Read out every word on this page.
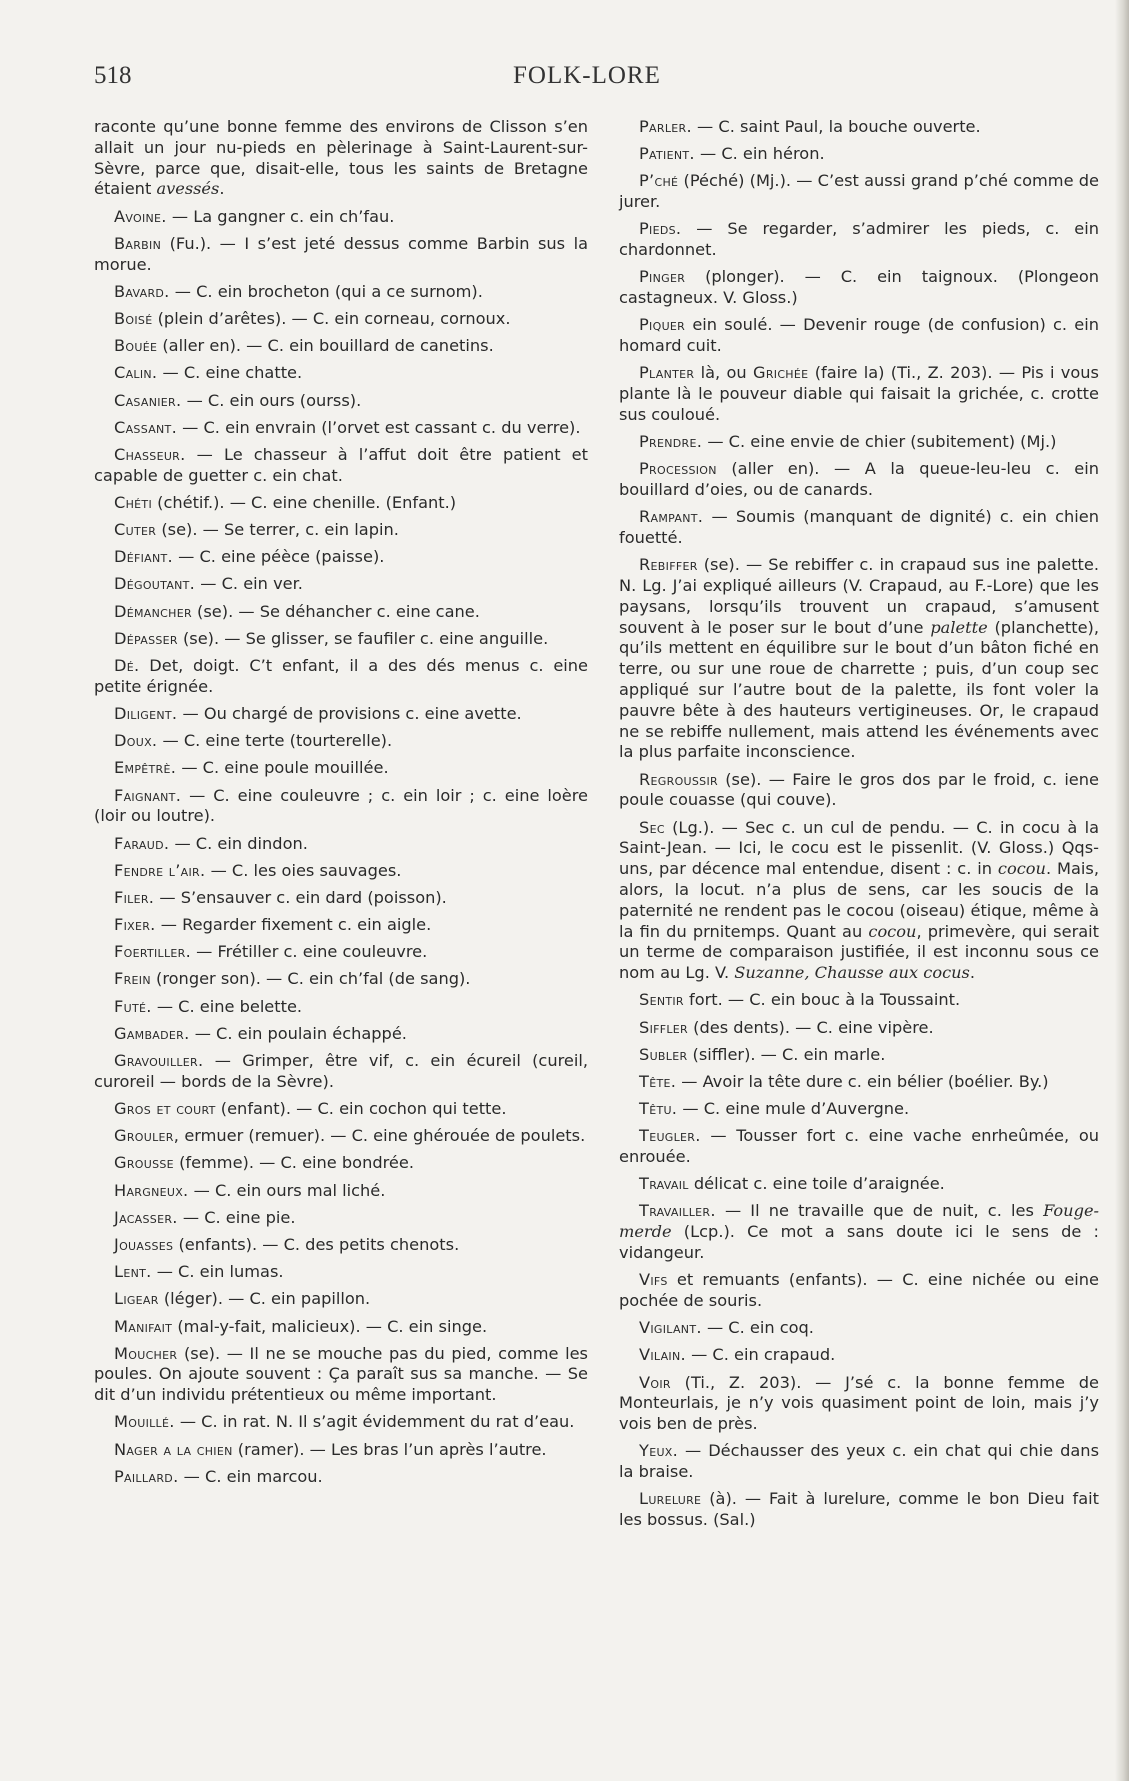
518	FOLK-LORE

raconte qu’une bonne femme des environs de Clisson s’en allait un jour nu-pieds en pèlerinage à Saint-Laurent-sur-Sèvre, parce que, disait-elle, tous les saints de Bretagne étaient avessés.

Avoine. — La gangner c. ein ch’fau.

Barbin (Fu.). — I s’est jeté dessus comme Barbin sus la morue.

Bavard. — C. ein brocheton (qui a ce surnom).

Boisé (plein d’arêtes). — C. ein corneau, cornoux.

Bouée (aller en). — C. ein bouillard de canetins.

Calin. — C. eine chatte.

Casanier. — C. ein ours (ourss).

Cassant. — C. ein envrain (l’orvet est cassant c. du verre).

Chasseur. — Le chasseur à l’affut doit être patient et capable de guetter c. ein chat.

Chéti (chétif.). — C. eine chenille. (Enfant.)

Cuter (se). — Se terrer, c. ein lapin.

Défiant. — C. eine péèce (paisse).

Dégoutant. — C. ein ver.

Démancher (se). — Se déhancher c. eine cane.

Dépasser (se). — Se glisser, se faufiler c. eine anguille.

Dé. Det, doigt. C’t enfant, il a des dés menus c. eine petite érignée.

Diligent. — Ou chargé de provisions c. eine avette.

Doux. — C. eine terte (tourterelle).

Empêtrè. — C. eine poule mouillée.

Faignant. — C. eine couleuvre ; c. ein loir ; c. eine loère (loir ou loutre).

Faraud. — C. ein dindon.

Fendre l’air. — C. les oies sauvages.

Filer. — S’ensauver c. ein dard (poisson).

Fixer. — Regarder fixement c. ein aigle.

Foertiller. — Frétiller c. eine couleuvre.

Frein (ronger son). — C. ein ch’fal (de sang).

Futé. — C. eine belette.

Gambader. — C. ein poulain échappé.

Gravouiller. — Grimper, être vif, c. ein écureil (cureil, curoreil — bords de la Sèvre).

Gros et court (enfant). — C. ein cochon qui tette.

Grouler, ermuer (remuer). — C. eine ghérouée de poulets.

Grousse (femme). — C. eine bondrée.

Hargneux. — C. ein ours mal liché.

Jacasser. — C. eine pie.

Jouasses (enfants). — C. des petits chenots.

Lent. — C. ein lumas.

Ligear (léger). — C. ein papillon.

Manifait (mal-y-fait, malicieux). — C. ein singe.

Moucher (se). — Il ne se mouche pas du pied, comme les poules. On ajoute souvent : Ça paraît sus sa manche. — Se dit d’un individu prétentieux ou même important.

Mouillé. — C. in rat. N. Il s’agit évidemment du rat d’eau.

Nager a la chien (ramer). — Les bras l’un après l’autre.

Paillard. — C. ein marcou.

Parler. — C. saint Paul, la bouche ouverte.

Patient. — C. ein héron.

P’ché (Péché) (Mj.). — C’est aussi grand p’ché comme de jurer.

Pieds. — Se regarder, s’admirer les pieds, c. ein chardonnet.

Pinger (plonger). — C. ein taignoux. (Plongeon castagneux. V. Gloss.)

Piquer ein soulé. — Devenir rouge (de confusion) c. ein homard cuit.

Planter là, ou Grichée (faire la) (Ti., Z. 203). — Pis i vous plante là le pouveur diable qui faisait la grichée, c. crotte sus couloué.

Prendre. — C. eine envie de chier (subitement) (Mj.)

Procession (aller en). — A la queue-leu-leu c. ein bouillard d’oies, ou de canards.

Rampant. — Soumis (manquant de dignité) c. ein chien fouetté.

Rebiffer (se). — Se rebiffer c. in crapaud sus ine palette. N. Lg. J’ai expliqué ailleurs (V. Crapaud, au F.-Lore) que les paysans, lorsqu’ils trouvent un crapaud, s’amusent souvent à le poser sur le bout d’une palette (planchette), qu’ils mettent en équilibre sur le bout d’un bâton fiché en terre, ou sur une roue de charrette ; puis, d’un coup sec appliqué sur l’autre bout de la palette, ils font voler la pauvre bête à des hauteurs vertigineuses. Or, le crapaud ne se rebiffe nullement, mais attend les événements avec la plus parfaite inconscience.

Regroussir (se). — Faire le gros dos par le froid, c. iene poule couasse (qui couve).

Sec (Lg.). — Sec c. un cul de pendu. — C. in cocu à la Saint-Jean. — Ici, le cocu est le pissenlit. (V. Gloss.) Qqs-uns, par décence mal entendue, disent : c. in cocou. Mais, alors, la locut. n’a plus de sens, car les soucis de la paternité ne rendent pas le cocou (oiseau) étique, même à la fin du prnitemps. Quant au cocou, primevère, qui serait un terme de comparaison justifiée, il est inconnu sous ce nom au Lg. V. Suzanne, Chausse aux cocus.

Sentir fort. — C. ein bouc à la Toussaint.

Siffler (des dents). — C. eine vipère.

Subler (siffler). — C. ein marle.

Tête. — Avoir la tête dure c. ein bélier (boélier. By.)

Têtu. — C. eine mule d’Auvergne.

Teugler. — Tousser fort c. eine vache enrheûmée, ou enrouée.

Travail délicat c. eine toile d’araignée.

Travailler. — Il ne travaille que de nuit, c. les Fouge-merde (Lcp.). Ce mot a sans doute ici le sens de : vidangeur.

Vifs et remuants (enfants). — C. eine nichée ou eine pochée de souris.

Vigilant. — C. ein coq.

Vilain. — C. ein crapaud.

Voir (Ti., Z. 203). — J’sé c. la bonne femme de Monteurlais, je n’y vois quasiment point de loin, mais j’y vois ben de près.

Yeux. — Déchausser des yeux c. ein chat qui chie dans la braise.

Lurelure (à). — Fait à lurelure, comme le bon Dieu fait les bossus. (Sal.)
